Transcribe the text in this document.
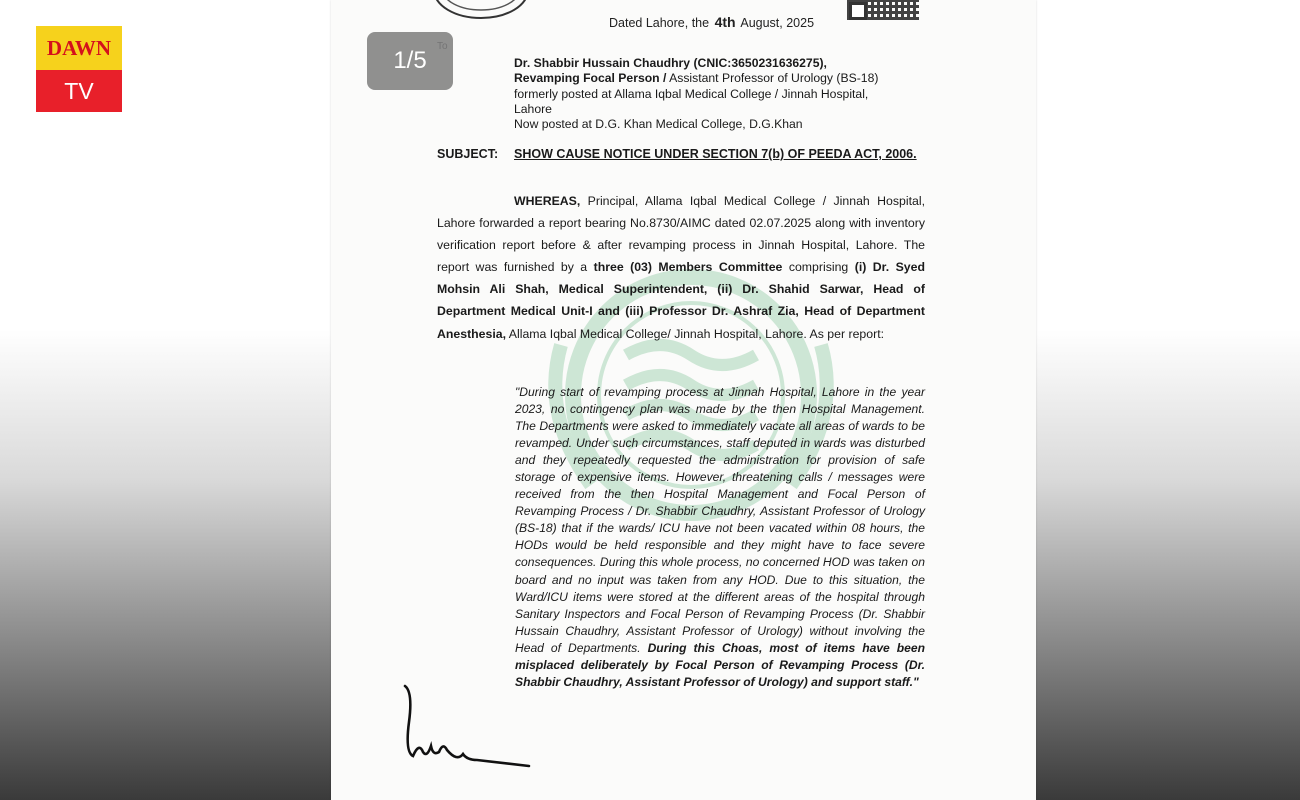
DAWN
TV
Dated Lahore, the 4th August, 2025
Dr. Shabbir Hussain Chaudhry (CNIC:3650231636275),
Revamping Focal Person / Assistant Professor of Urology (BS-18)
formerly posted at Allama Iqbal Medical College / Jinnah Hospital,
Lahore
Now posted at D.G. Khan Medical College, D.G.Khan
SUBJECT: SHOW CAUSE NOTICE UNDER SECTION 7(b) OF PEEDA ACT, 2006.
WHEREAS, Principal, Allama Iqbal Medical College / Jinnah Hospital, Lahore forwarded a report bearing No.8730/AIMC dated 02.07.2025 along with inventory verification report before & after revamping process in Jinnah Hospital, Lahore. The report was furnished by a three (03) Members Committee comprising (i) Dr. Syed Mohsin Ali Shah, Medical Superintendent, (ii) Dr. Shahid Sarwar, Head of Department Medical Unit-I and (iii) Professor Dr. Ashraf Zia, Head of Department Anesthesia, Allama Iqbal Medical College/ Jinnah Hospital, Lahore. As per report:
"During start of revamping process at Jinnah Hospital, Lahore in the year 2023, no contingency plan was made by the then Hospital Management. The Departments were asked to immediately vacate all areas of wards to be revamped. Under such circumstances, staff deputed in wards was disturbed and they repeatedly requested the administration for provision of safe storage of expensive items. However, threatening calls / messages were received from the then Hospital Management and Focal Person of Revamping Process / Dr. Shabbir Chaudhry, Assistant Professor of Urology (BS-18) that if the wards/ ICU have not been vacated within 08 hours, the HODs would be held responsible and they might have to face severe consequences. During this whole process, no concerned HOD was taken on board and no input was taken from any HOD. Due to this situation, the Ward/ICU items were stored at the different areas of the hospital through Sanitary Inspectors and Focal Person of Revamping Process (Dr. Shabbir Hussain Chaudhry, Assistant Professor of Urology) without involving the Head of Departments. During this Choas, most of items have been misplaced deliberately by Focal Person of Revamping Process (Dr. Shabbir Chaudhry, Assistant Professor of Urology) and support staff."
1/5
